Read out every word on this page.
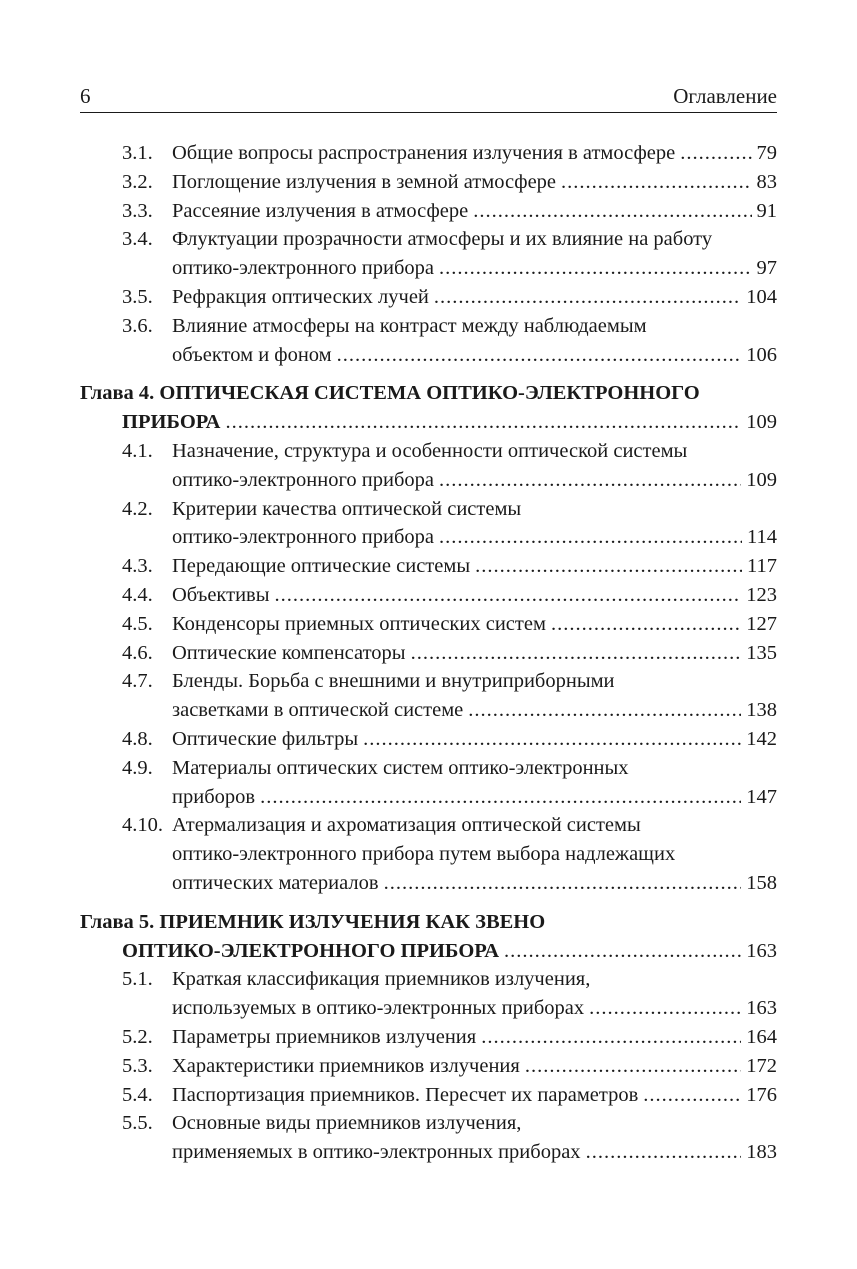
6	Оглавление
3.1. Общие вопросы распространения излучения в атмосфере .....	79
3.2. Поглощение излучения в земной атмосфере .....	83
3.3. Рассеяние излучения в атмосфере .....	91
3.4. Флуктуации прозрачности атмосферы и их влияние на работу
оптико-электронного прибора .....	97
3.5. Рефракция оптических лучей .....	104
3.6. Влияние атмосферы на контраст между наблюдаемым
объектом и фоном .....	106
Глава 4. ОПТИЧЕСКАЯ СИСТЕМА ОПТИКО-ЭЛЕКТРОННОГО
ПРИБОРА .....	109
4.1. Назначение, структура и особенности оптической системы
оптико-электронного прибора .....	109
4.2. Критерии качества оптической системы
оптико-электронного прибора .....	114
4.3. Передающие оптические системы .....	117
4.4. Объективы .....	123
4.5. Конденсоры приемных оптических систем .....	127
4.6. Оптические компенсаторы .....	135
4.7. Бленды. Борьба с внешними и внутриприборными
засветками в оптической системе .....	138
4.8. Оптические фильтры .....	142
4.9. Материалы оптических систем оптико-электронных
приборов .....	147
4.10. Атермализация и ахроматизация оптической системы
оптико-электронного прибора путем выбора надлежащих
оптических материалов .....	158
Глава 5. ПРИЕМНИК ИЗЛУЧЕНИЯ КАК ЗВЕНО
ОПТИКО-ЭЛЕКТРОННОГО ПРИБОРА .....	163
5.1. Краткая классификация приемников излучения,
используемых в оптико-электронных приборах .....	163
5.2. Параметры приемников излучения .....	164
5.3. Характеристики приемников излучения .....	172
5.4. Паспортизация приемников. Пересчет их параметров .....	176
5.5. Основные виды приемников излучения,
применяемых в оптико-электронных приборах .....	183
